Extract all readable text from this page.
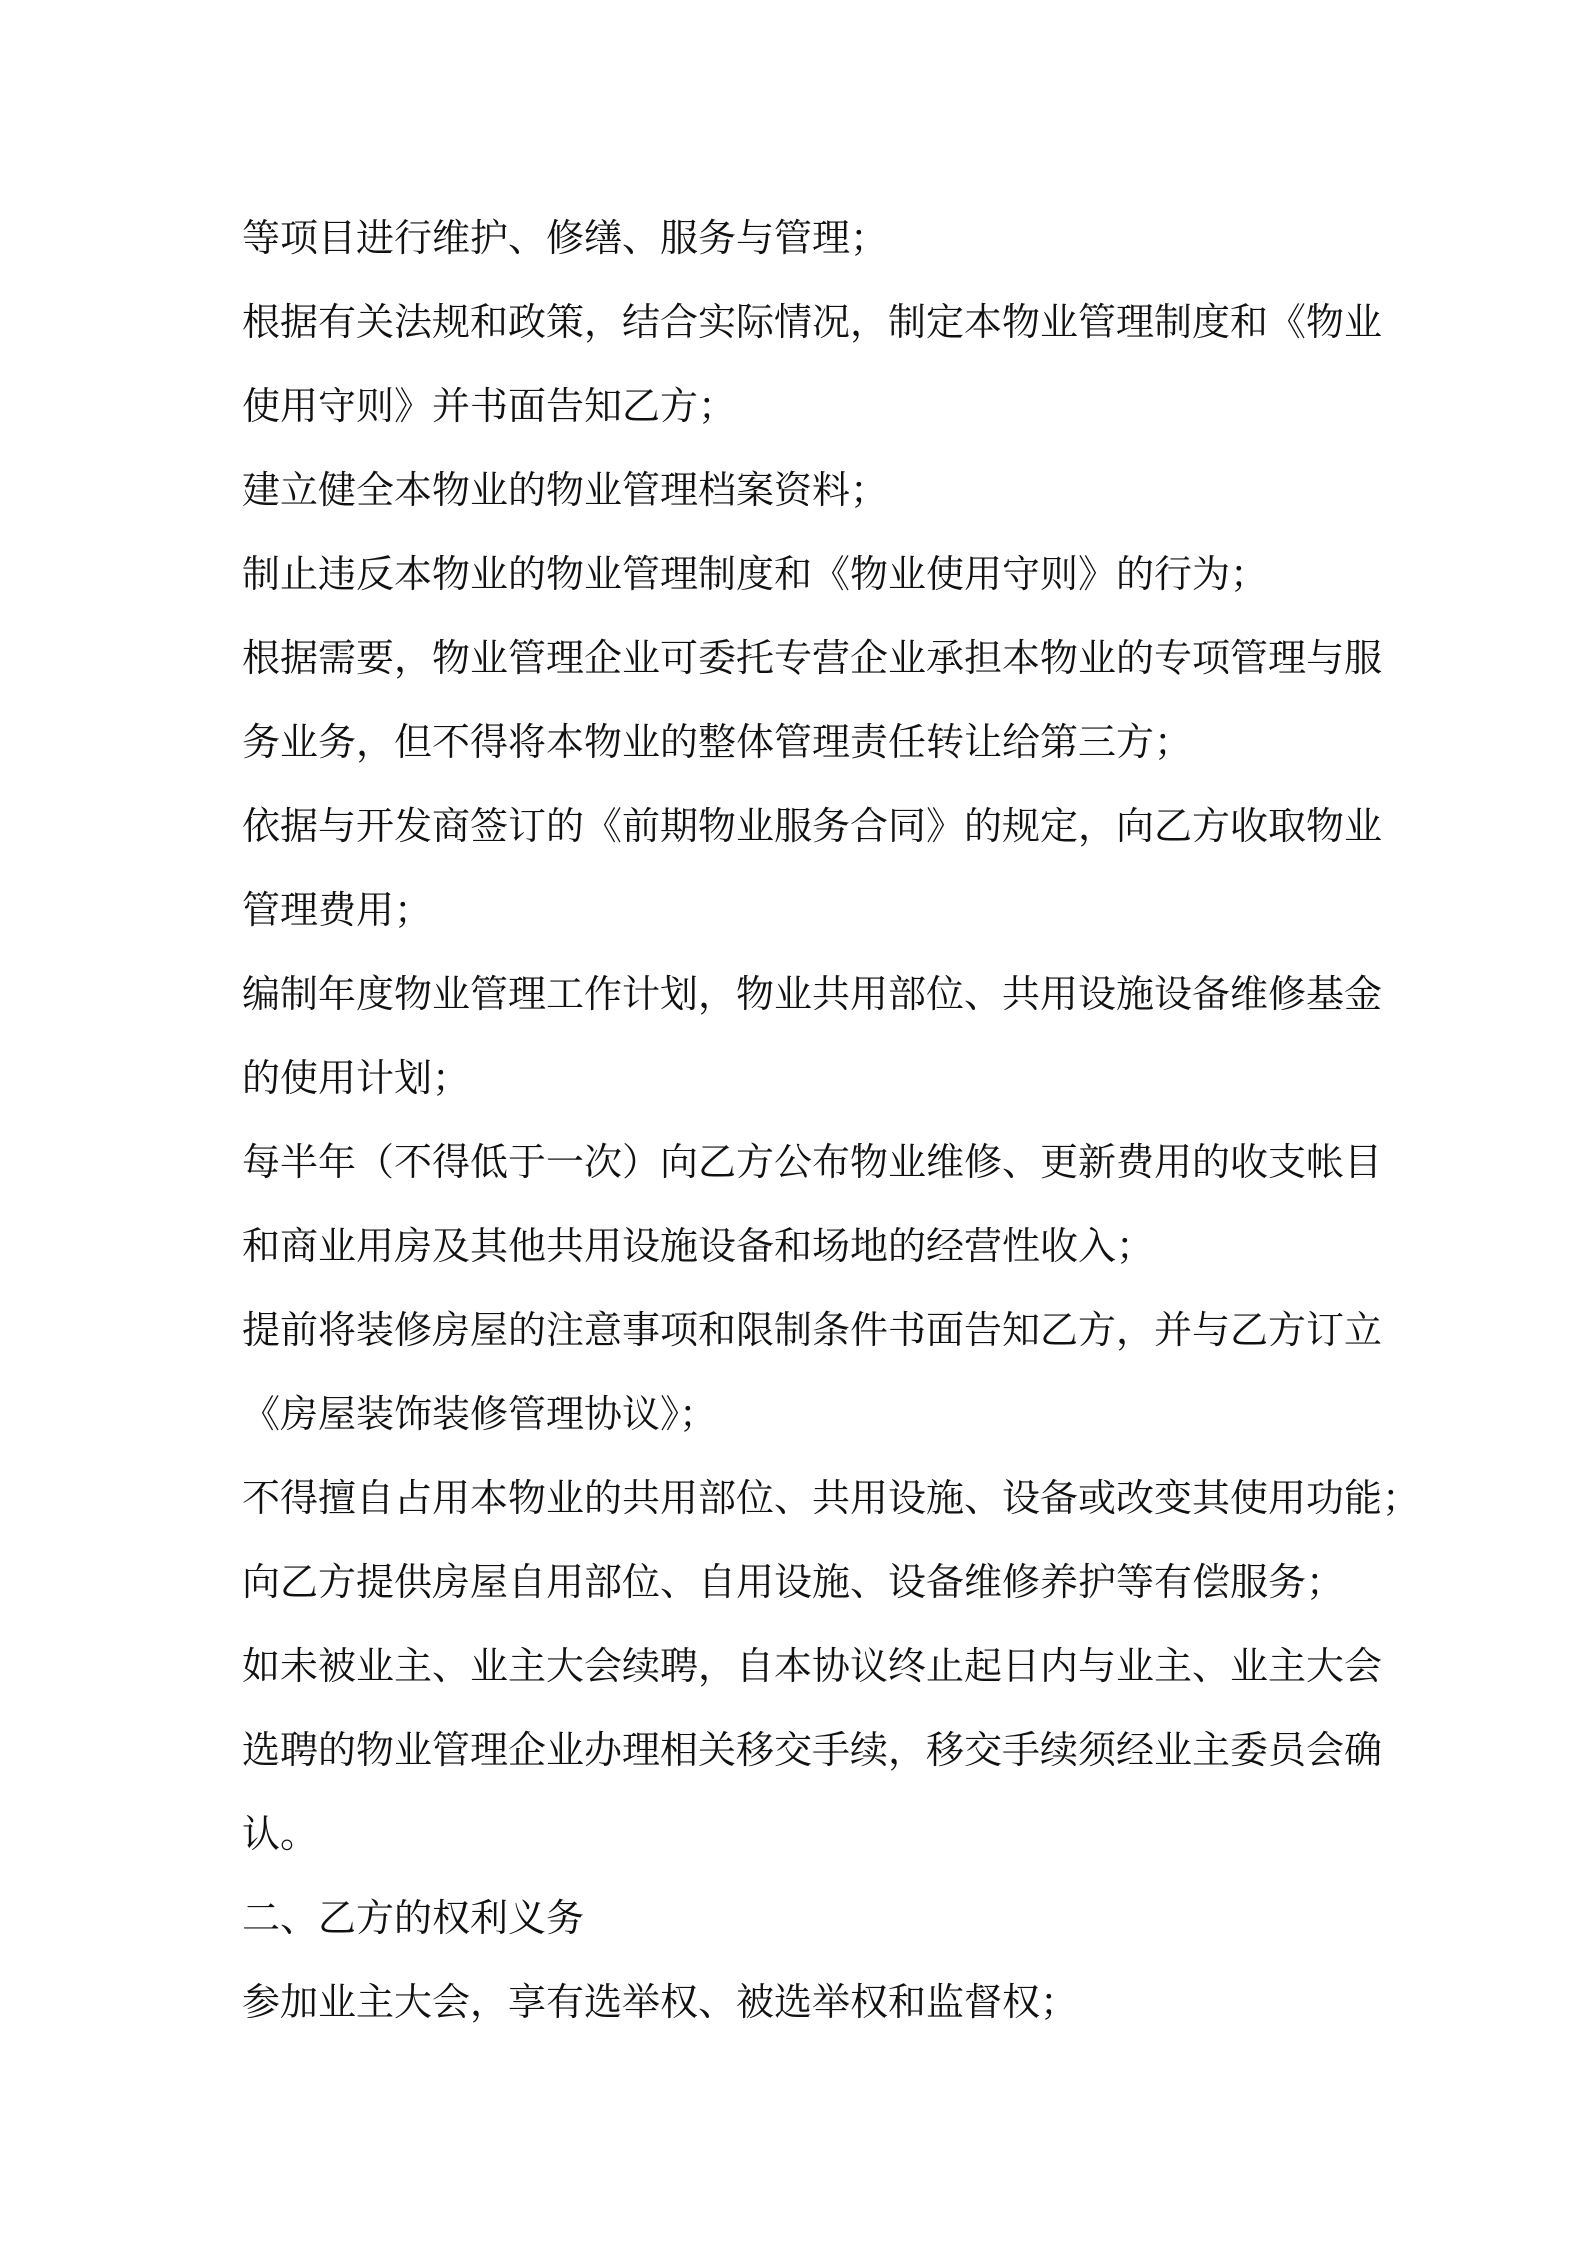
等项目进行维护、修缮、服务与管理；
根据有关法规和政策，结合实际情况，制定本物业管理制度和《物业
使用守则》并书面告知乙方；
建立健全本物业的物业管理档案资料；
制止违反本物业的物业管理制度和《物业使用守则》的行为；
根据需要，物业管理企业可委托专营企业承担本物业的专项管理与服
务业务，但不得将本物业的整体管理责任转让给第三方；
依据与开发商签订的《前期物业服务合同》的规定，向乙方收取物业
管理费用；
编制年度物业管理工作计划，物业共用部位、共用设施设备维修基金
的使用计划；
每半年（不得低于一次）向乙方公布物业维修、更新费用的收支帐目
和商业用房及其他共用设施设备和场地的经营性收入；
提前将装修房屋的注意事项和限制条件书面告知乙方，并与乙方订立
《房屋装饰装修管理协议》；
不得擅自占用本物业的共用部位、共用设施、设备或改变其使用功能；
向乙方提供房屋自用部位、自用设施、设备维修养护等有偿服务；
如未被业主、业主大会续聘，自本协议终止起日内与业主、业主大会
选聘的物业管理企业办理相关移交手续，移交手续须经业主委员会确
认。
二、乙方的权利义务
参加业主大会，享有选举权、被选举权和监督权；
